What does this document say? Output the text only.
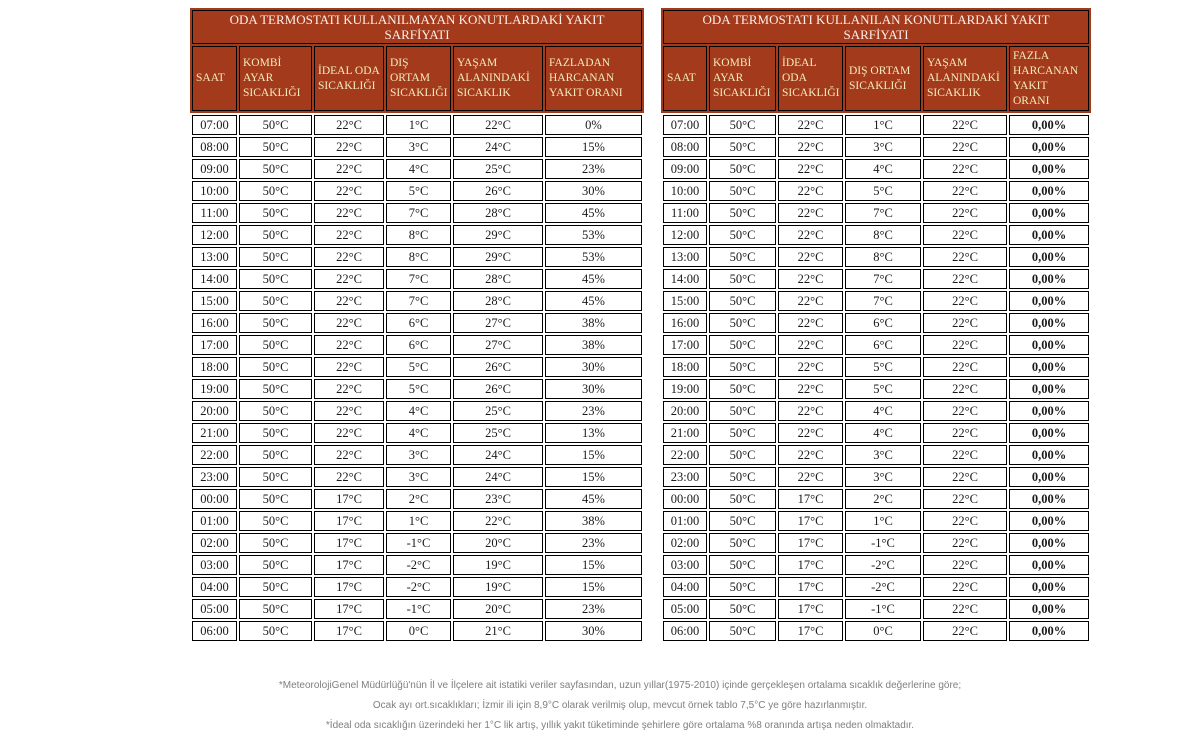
ODA TERMOSTATI KULLANILMAYAN KONUTLARDAKİ YAKIT SARFİYATI

SAAT	KOMBİ AYAR SICAKLIĞI	İDEAL ODA SICAKLIĞI	DIŞ ORTAM SICAKLIĞI	YAŞAM ALANINDAKİ SICAKLIK	FAZLADAN HARCANAN YAKIT ORANI
07:00	50°C	22°C	1°C	22°C	0%
08:00	50°C	22°C	3°C	24°C	15%
09:00	50°C	22°C	4°C	25°C	23%
10:00	50°C	22°C	5°C	26°C	30%
11:00	50°C	22°C	7°C	28°C	45%
12:00	50°C	22°C	8°C	29°C	53%
13:00	50°C	22°C	8°C	29°C	53%
14:00	50°C	22°C	7°C	28°C	45%
15:00	50°C	22°C	7°C	28°C	45%
16:00	50°C	22°C	6°C	27°C	38%
17:00	50°C	22°C	6°C	27°C	38%
18:00	50°C	22°C	5°C	26°C	30%
19:00	50°C	22°C	5°C	26°C	30%
20:00	50°C	22°C	4°C	25°C	23%
21:00	50°C	22°C	4°C	25°C	13%
22:00	50°C	22°C	3°C	24°C	15%
23:00	50°C	22°C	3°C	24°C	15%
00:00	50°C	17°C	2°C	23°C	45%
01:00	50°C	17°C	1°C	22°C	38%
02:00	50°C	17°C	-1°C	20°C	23%
03:00	50°C	17°C	-2°C	19°C	15%
04:00	50°C	17°C	-2°C	19°C	15%
05:00	50°C	17°C	-1°C	20°C	23%
06:00	50°C	17°C	0°C	21°C	30%
ODA TERMOSTATI KULLANILAN KONUTLARDAKİ YAKIT SARFİYATI

SAAT	KOMBİ AYAR SICAKLIĞI	İDEAL ODA SICAKLIĞI	DIŞ ORTAM SICAKLIĞI	YAŞAM ALANINDAKİ SICAKLIK	FAZLA HARCANAN YAKIT ORANI
07:00	50°C	22°C	1°C	22°C	0,00%
08:00	50°C	22°C	3°C	22°C	0,00%
09:00	50°C	22°C	4°C	22°C	0,00%
10:00	50°C	22°C	5°C	22°C	0,00%
11:00	50°C	22°C	7°C	22°C	0,00%
12:00	50°C	22°C	8°C	22°C	0,00%
13:00	50°C	22°C	8°C	22°C	0,00%
14:00	50°C	22°C	7°C	22°C	0,00%
15:00	50°C	22°C	7°C	22°C	0,00%
16:00	50°C	22°C	6°C	22°C	0,00%
17:00	50°C	22°C	6°C	22°C	0,00%
18:00	50°C	22°C	5°C	22°C	0,00%
19:00	50°C	22°C	5°C	22°C	0,00%
20:00	50°C	22°C	4°C	22°C	0,00%
21:00	50°C	22°C	4°C	22°C	0,00%
22:00	50°C	22°C	3°C	22°C	0,00%
23:00	50°C	22°C	3°C	22°C	0,00%
00:00	50°C	17°C	2°C	22°C	0,00%
01:00	50°C	17°C	1°C	22°C	0,00%
02:00	50°C	17°C	-1°C	22°C	0,00%
03:00	50°C	17°C	-2°C	22°C	0,00%
04:00	50°C	17°C	-2°C	22°C	0,00%
05:00	50°C	17°C	-1°C	22°C	0,00%
06:00	50°C	17°C	0°C	22°C	0,00%
*MeteorolojiGenel Müdürlüğü'nün İl ve İlçelere ait istatiki veriler sayfasından, uzun yıllar(1975-2010) içinde gerçekleşen ortalama sıcaklık değerlerine göre;
Ocak ayı ort.sıcaklıkları; İzmir ili için 8,9°C olarak verilmiş olup, mevcut örnek tablo 7,5°C ye göre hazırlanmıştır.
*İdeal oda sıcaklığın üzerindeki her 1°C lik artış, yıllık yakıt tüketiminde şehirlere göre ortalama %8 oranında artışa neden olmaktadır.
